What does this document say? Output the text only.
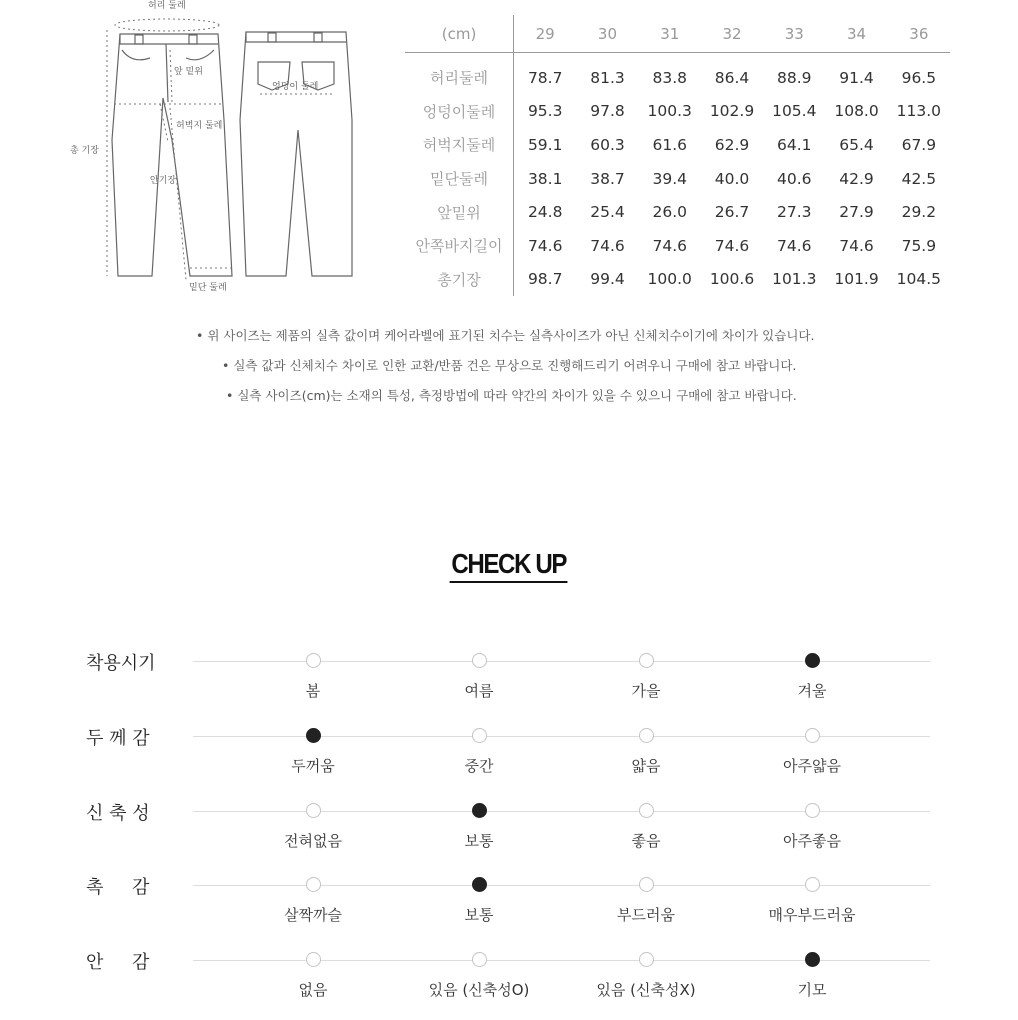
허리 둘레
앞 밑위
엉덩이 둘레
허벅지 둘레
총 기장
안기장
밑단 둘레
(cm)	29	30	31	32	33	34	36
허리둘레	78.7	81.3	83.8	86.4	88.9	91.4	96.5
엉덩이둘레	95.3	97.8	100.3	102.9	105.4	108.0	113.0
허벅지둘레	59.1	60.3	61.6	62.9	64.1	65.4	67.9
밑단둘레	38.1	38.7	39.4	40.0	40.6	42.9	42.5
앞밑위	24.8	25.4	26.0	26.7	27.3	27.9	29.2
안쪽바지길이	74.6	74.6	74.6	74.6	74.6	74.6	75.9
총기장	98.7	99.4	100.0	100.6	101.3	101.9	104.5
• 위 사이즈는 제품의 실측 값이며 케어라벨에 표기된 치수는 실측사이즈가 아닌 신체치수이기에 차이가 있습니다.
• 실측 값과 신체치수 차이로 인한 교환/반품 건은 무상으로 진행해드리기 어려우니 구매에 참고 바랍니다.
• 실측 사이즈(cm)는 소재의 특성, 측정방법에 따라 약간의 차이가 있을 수 있으니 구매에 참고 바랍니다.
CHECK UP
착용시기
봄	여름	가을	겨울
두 께 감
두꺼움	중간	얇음	아주얇음
신 축 성
전혀없음	보통	좋음	아주좋음
촉     감
살짝까슬	보통	부드러움	매우부드러움
안     감
없음	있음 (신축성O)	있음 (신축성X)	기모
